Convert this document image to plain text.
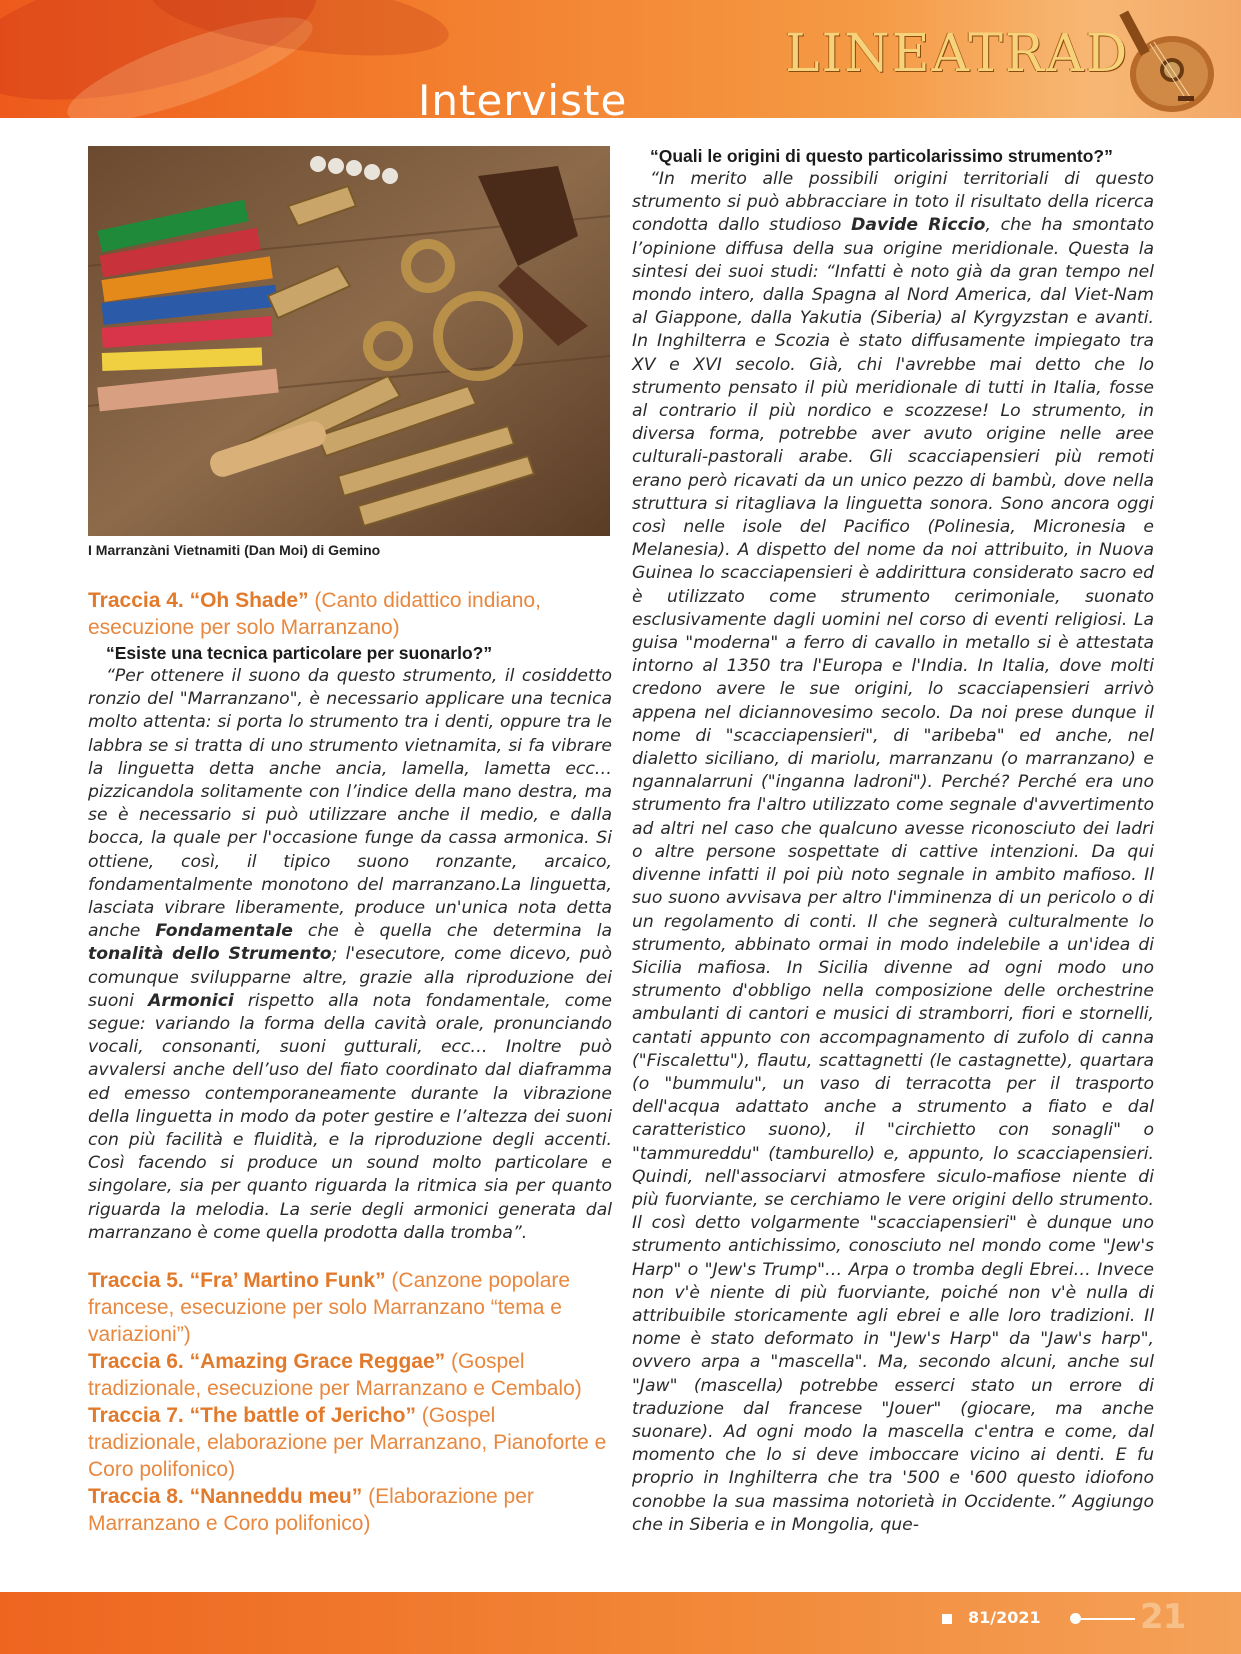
Interviste
LINEATRAD

I Marranzàni Vietnamiti (Dan Moi) di Gemino

Traccia 4. “Oh Shade” (Canto didattico indiano, esecuzione per solo Marranzano)

“Esiste una tecnica particolare per suonarlo?”

“Per ottenere il suono da questo strumento, il cosiddetto ronzio del "Marranzano", è necessario applicare una tecnica molto attenta: si porta lo strumento tra i denti, oppure tra le labbra se si tratta di uno strumento vietnamita, si fa vibrare la linguetta detta anche ancia, lamella, lametta ecc… pizzicandola solitamente con l’indice della mano destra, ma se è necessario si può utilizzare anche il medio, e dalla bocca, la quale per l'occasione funge da cassa armonica. Si ottiene, così, il tipico suono ronzante, arcaico, fondamentalmente monotono del marranzano.La linguetta, lasciata vibrare liberamente, produce un'unica nota detta anche Fondamentale che è quella che determina la tonalità dello Strumento; l'esecutore, come dicevo, può comunque svilupparne altre, grazie alla riproduzione dei suoni Armonici rispetto alla nota fondamentale, come segue: variando la forma della cavità orale, pronunciando vocali, consonanti, suoni gutturali, ecc… Inoltre può avvalersi anche dell’uso del fiato coordinato dal diaframma ed emesso contemporaneamente durante la vibrazione della linguetta in modo da poter gestire e l’altezza dei suoni con più facilità e fluidità, e la riproduzione degli accenti. Così facendo si produce un sound molto particolare e singolare, sia per quanto riguarda la ritmica sia per quanto riguarda la melodia. La serie degli armonici generata dal marranzano è come quella prodotta dalla tromba”.

Traccia 5. “Fra’ Martino Funk” (Canzone popolare francese, esecuzione per solo Marranzano “tema e variazioni”)

Traccia 6. “Amazing Grace Reggae” (Gospel tradizionale, esecuzione per Marranzano e Cembalo)

Traccia 7. “The battle of Jericho” (Gospel tradizionale, elaborazione per Marranzano, Pianoforte e Coro polifonico)

Traccia 8. “Nanneddu meu” (Elaborazione per Marranzano e Coro polifonico)

“Quali le origini di questo particolarissimo strumento?”

“In merito alle possibili origini territoriali di questo strumento si può abbracciare in toto il risultato della ricerca condotta dallo studioso Davide Riccio, che ha smontato l’opinione diffusa della sua origine meridionale. Questa la sintesi dei suoi studi: “Infatti è noto già da gran tempo nel mondo intero, dalla Spagna al Nord America, dal Viet-Nam al Giappone, dalla Yakutia (Siberia) al Kyrgyzstan e avanti. In Inghilterra e Scozia è stato diffusamente impiegato tra XV e XVI secolo. Già, chi l'avrebbe mai detto che lo strumento pensato il più meridionale di tutti in Italia, fosse al contrario il più nordico e scozzese! Lo strumento, in diversa forma, potrebbe aver avuto origine nelle aree culturali-pastorali arabe. Gli scacciapensieri più remoti erano però ricavati da un unico pezzo di bambù, dove nella struttura si ritagliava la linguetta sonora. Sono ancora oggi così nelle isole del Pacifico (Polinesia, Micronesia e Melanesia). A dispetto del nome da noi attribuito, in Nuova Guinea lo scacciapensieri è addirittura considerato sacro ed è utilizzato come strumento cerimoniale, suonato esclusivamente dagli uomini nel corso di eventi religiosi. La guisa "moderna" a ferro di cavallo in metallo si è attestata intorno al 1350 tra l'Europa e l'India. In Italia, dove molti credono avere le sue origini, lo scacciapensieri arrivò appena nel diciannovesimo secolo. Da noi prese dunque il nome di "scacciapensieri", di "aribeba" ed anche, nel dialetto siciliano, di mariolu, marranzanu (o marranzano) e ngannalarruni ("inganna ladroni"). Perché? Perché era uno strumento fra l'altro utilizzato come segnale d'avvertimento ad altri nel caso che qualcuno avesse riconosciuto dei ladri o altre persone sospettate di cattive intenzioni. Da qui divenne infatti il poi più noto segnale in ambito mafioso. Il suo suono avvisava per altro l'imminenza di un pericolo o di un regolamento di conti. Il che segnerà culturalmente lo strumento, abbinato ormai in modo indelebile a un'idea di Sicilia mafiosa. In Sicilia divenne ad ogni modo uno strumento d'obbligo nella composizione delle orchestrine ambulanti di cantori e musici di stramborri, fiori e stornelli, cantati appunto con accompagnamento di zufolo di canna ("Fiscalettu"), flautu, scattagnetti (le castagnette), quartara (o "bummulu", un vaso di terracotta per il trasporto dell'acqua adattato anche a strumento a fiato e dal caratteristico suono), il "circhietto con sonagli" o "tammureddu" (tamburello) e, appunto, lo scacciapensieri. Quindi, nell'associarvi atmosfere siculo-mafiose niente di più fuorviante, se cerchiamo le vere origini dello strumento. Il così detto volgarmente "scacciapensieri" è dunque uno strumento antichissimo, conosciuto nel mondo come "Jew's Harp" o "Jew's Trump"… Arpa o tromba degli Ebrei… Invece non v'è niente di più fuorviante, poiché non v'è nulla di attribuibile storicamente agli ebrei e alle loro tradizioni. Il nome è stato deformato in "Jew's Harp" da "Jaw's harp", ovvero arpa a "mascella". Ma, secondo alcuni, anche sul "Jaw" (mascella) potrebbe esserci stato un errore di traduzione dal francese "Jouer" (giocare, ma anche suonare). Ad ogni modo la mascella c'entra e come, dal momento che lo si deve imboccare vicino ai denti. E fu proprio in Inghilterra che tra '500 e '600 questo idiofono conobbe la sua massima notorietà in Occidente.” Aggiungo che in Siberia e in Mongolia, que-

81/2021	21
